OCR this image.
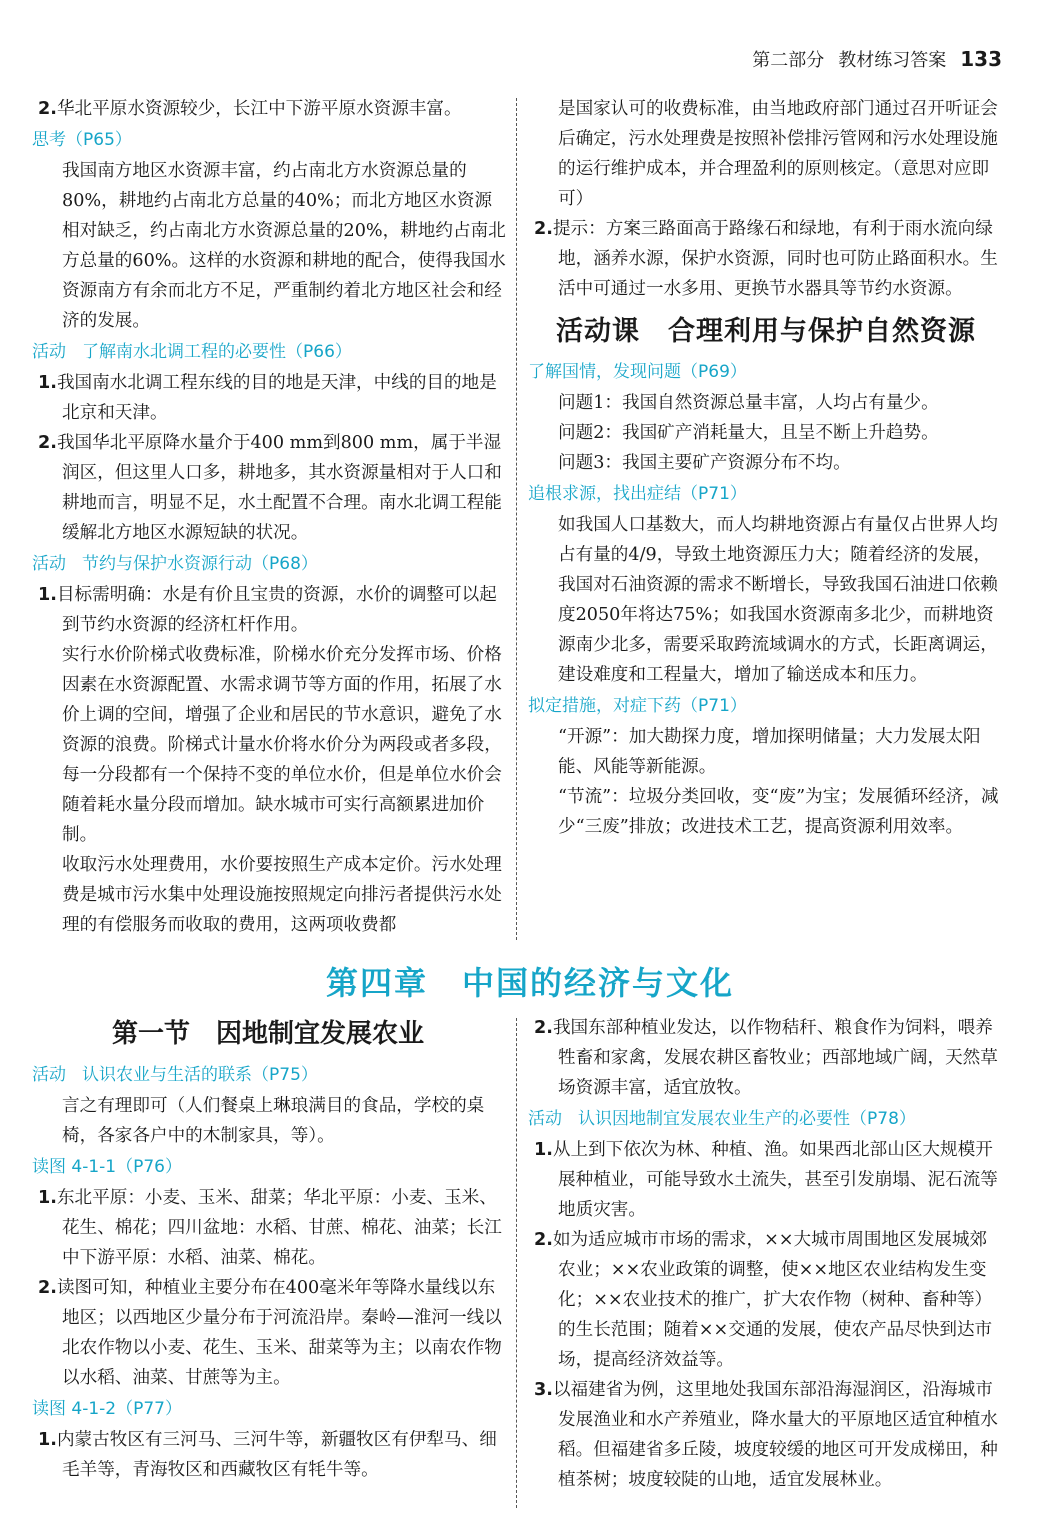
第二部分 教材练习答案 133
2.华北平原水资源较少，长江中下游平原水资源丰富。
思考（P65）
我国南方地区水资源丰富，约占南北方水资源总量的80%，耕地约占南北方总量的40%；而北方地区水资源相对缺乏，约占南北方水资源总量的20%，耕地约占南北方总量的60%。这样的水资源和耕地的配合，使得我国水资源南方有余而北方不足，严重制约着北方地区社会和经济的发展。
活动 了解南水北调工程的必要性（P66）
1.我国南水北调工程东线的目的地是天津，中线的目的地是北京和天津。
2.我国华北平原降水量介于400 mm到800 mm，属于半湿润区，但这里人口多，耕地多，其水资源量相对于人口和耕地而言，明显不足，水土配置不合理。南水北调工程能缓解北方地区水源短缺的状况。
活动 节约与保护水资源行动（P68）
1.目标需明确：水是有价且宝贵的资源，水价的调整可以起到节约水资源的经济杠杆作用。
实行水价阶梯式收费标准，阶梯水价充分发挥市场、价格因素在水资源配置、水需求调节等方面的作用，拓展了水价上调的空间，增强了企业和居民的节水意识，避免了水资源的浪费。阶梯式计量水价将水价分为两段或者多段，每一分段都有一个保持不变的单位水价，但是单位水价会随着耗水量分段而增加。缺水城市可实行高额累进加价制。
收取污水处理费用，水价要按照生产成本定价。污水处理费是城市污水集中处理设施按照规定向排污者提供污水处理的有偿服务而收取的费用，这两项收费都
是国家认可的收费标准，由当地政府部门通过召开听证会后确定，污水处理费是按照补偿排污管网和污水处理设施的运行维护成本，并合理盈利的原则核定。（意思对应即可）
2.提示：方案三路面高于路缘石和绿地，有利于雨水流向绿地，涵养水源，保护水资源，同时也可防止路面积水。生活中可通过一水多用、更换节水器具等节约水资源。
活动课　合理利用与保护自然资源
了解国情，发现问题（P69）
问题1：我国自然资源总量丰富，人均占有量少。
问题2：我国矿产消耗量大，且呈不断上升趋势。
问题3：我国主要矿产资源分布不均。
追根求源，找出症结（P71）
如我国人口基数大，而人均耕地资源占有量仅占世界人均占有量的4/9，导致土地资源压力大；随着经济的发展，我国对石油资源的需求不断增长，导致我国石油进口依赖度2050年将达75%；如我国水资源南多北少，而耕地资源南少北多，需要采取跨流域调水的方式，长距离调运，建设难度和工程量大，增加了输送成本和压力。
拟定措施，对症下药（P71）
“开源”：加大勘探力度，增加探明储量；大力发展太阳能、风能等新能源。
“节流”：垃圾分类回收，变“废”为宝；发展循环经济，减少“三废”排放；改进技术工艺，提高资源利用效率。
第四章　中国的经济与文化
第一节　因地制宜发展农业
活动 认识农业与生活的联系（P75）
言之有理即可（人们餐桌上琳琅满目的食品，学校的桌椅，各家各户中的木制家具，等）。
读图 4-1-1（P76）
1.东北平原：小麦、玉米、甜菜；华北平原：小麦、玉米、花生、棉花；四川盆地：水稻、甘蔗、棉花、油菜；长江中下游平原：水稻、油菜、棉花。
2.读图可知，种植业主要分布在400毫米年等降水量线以东地区；以西地区少量分布于河流沿岸。秦岭—淮河一线以北农作物以小麦、花生、玉米、甜菜等为主；以南农作物以水稻、油菜、甘蔗等为主。
读图 4-1-2（P77）
1.内蒙古牧区有三河马、三河牛等，新疆牧区有伊犁马、细毛羊等，青海牧区和西藏牧区有牦牛等。
2.我国东部种植业发达，以作物秸秆、粮食作为饲料，喂养牲畜和家禽，发展农耕区畜牧业；西部地域广阔，天然草场资源丰富，适宜放牧。
活动 认识因地制宜发展农业生产的必要性（P78）
1.从上到下依次为林、种植、渔。如果西北部山区大规模开展种植业，可能导致水土流失，甚至引发崩塌、泥石流等地质灾害。
2.如为适应城市市场的需求，××大城市周围地区发展城郊农业；××农业政策的调整，使××地区农业结构发生变化；××农业技术的推广，扩大农作物（树种、畜种等）的生长范围；随着××交通的发展，使农产品尽快到达市场，提高经济效益等。
3.以福建省为例，这里地处我国东部沿海湿润区，沿海城市发展渔业和水产养殖业，降水量大的平原地区适宜种植水稻。但福建省多丘陵，坡度较缓的地区可开发成梯田，种植茶树；坡度较陡的山地，适宜发展林业。
